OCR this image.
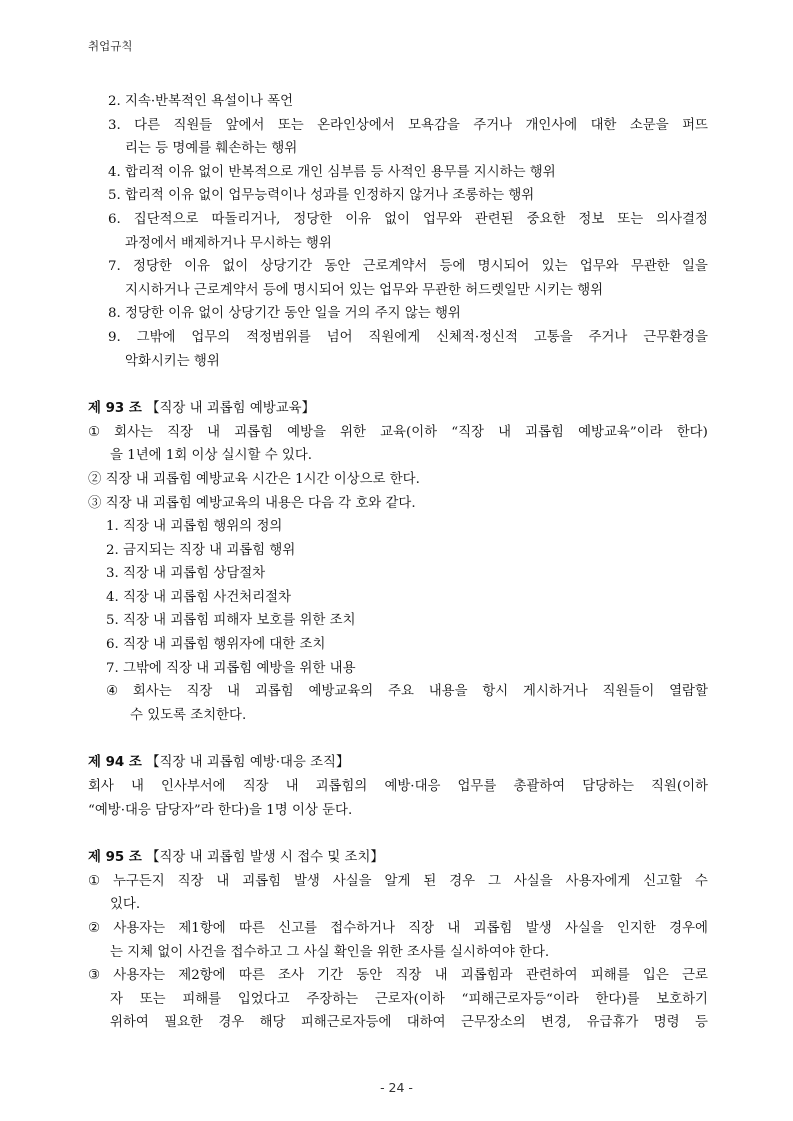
취업규칙
2. 지속·반복적인 욕설이나 폭언
3. 다른 직원들 앞에서 또는 온라인상에서 모욕감을 주거나 개인사에 대한 소문을 퍼뜨
리는 등 명예를 훼손하는 행위
4. 합리적 이유 없이 반복적으로 개인 심부름 등 사적인 용무를 지시하는 행위
5. 합리적 이유 없이 업무능력이나 성과를 인정하지 않거나 조롱하는 행위
6. 집단적으로 따돌리거나, 정당한 이유 없이 업무와 관련된 중요한 정보 또는 의사결정
과정에서 배제하거나 무시하는 행위
7. 정당한 이유 없이 상당기간 동안 근로계약서 등에 명시되어 있는 업무와 무관한 일을
지시하거나 근로계약서 등에 명시되어 있는 업무와 무관한 허드렛일만 시키는 행위
8. 정당한 이유 없이 상당기간 동안 일을 거의 주지 않는 행위
9. 그밖에 업무의 적정범위를 넘어 직원에게 신체적·정신적 고통을 주거나 근무환경을
악화시키는 행위
제 93 조 【직장 내 괴롭힘 예방교육】
① 회사는 직장 내 괴롭힘 예방을 위한 교육(이하 “직장 내 괴롭힘 예방교육”이라 한다)
을 1년에 1회 이상 실시할 수 있다.
② 직장 내 괴롭힘 예방교육 시간은 1시간 이상으로 한다.
③ 직장 내 괴롭힘 예방교육의 내용은 다음 각 호와 같다.
1. 직장 내 괴롭힘 행위의 정의
2. 금지되는 직장 내 괴롭힘 행위
3. 직장 내 괴롭힘 상담절차
4. 직장 내 괴롭힘 사건처리절차
5. 직장 내 괴롭힘 피해자 보호를 위한 조치
6. 직장 내 괴롭힘 행위자에 대한 조치
7. 그밖에 직장 내 괴롭힘 예방을 위한 내용
④ 회사는 직장 내 괴롭힘 예방교육의 주요 내용을 항시 게시하거나 직원들이 열람할
수 있도록 조치한다.
제 94 조 【직장 내 괴롭힘 예방·대응 조직】
회사 내 인사부서에 직장 내 괴롭힘의 예방·대응 업무를 총괄하여 담당하는 직원(이하
“예방·대응 담당자”라 한다)을 1명 이상 둔다.
제 95 조 【직장 내 괴롭힘 발생 시 접수 및 조치】
① 누구든지 직장 내 괴롭힘 발생 사실을 알게 된 경우 그 사실을 사용자에게 신고할 수
있다.
② 사용자는 제1항에 따른 신고를 접수하거나 직장 내 괴롭힘 발생 사실을 인지한 경우에
는 지체 없이 사건을 접수하고 그 사실 확인을 위한 조사를 실시하여야 한다.
③ 사용자는 제2항에 따른 조사 기간 동안 직장 내 괴롭힘과 관련하여 피해를 입은 근로
자 또는 피해를 입었다고 주장하는 근로자(이하 “피해근로자등“이라 한다)를 보호하기
위하여 필요한 경우 해당 피해근로자등에 대하여 근무장소의 변경, 유급휴가 명령 등
- 24 -
